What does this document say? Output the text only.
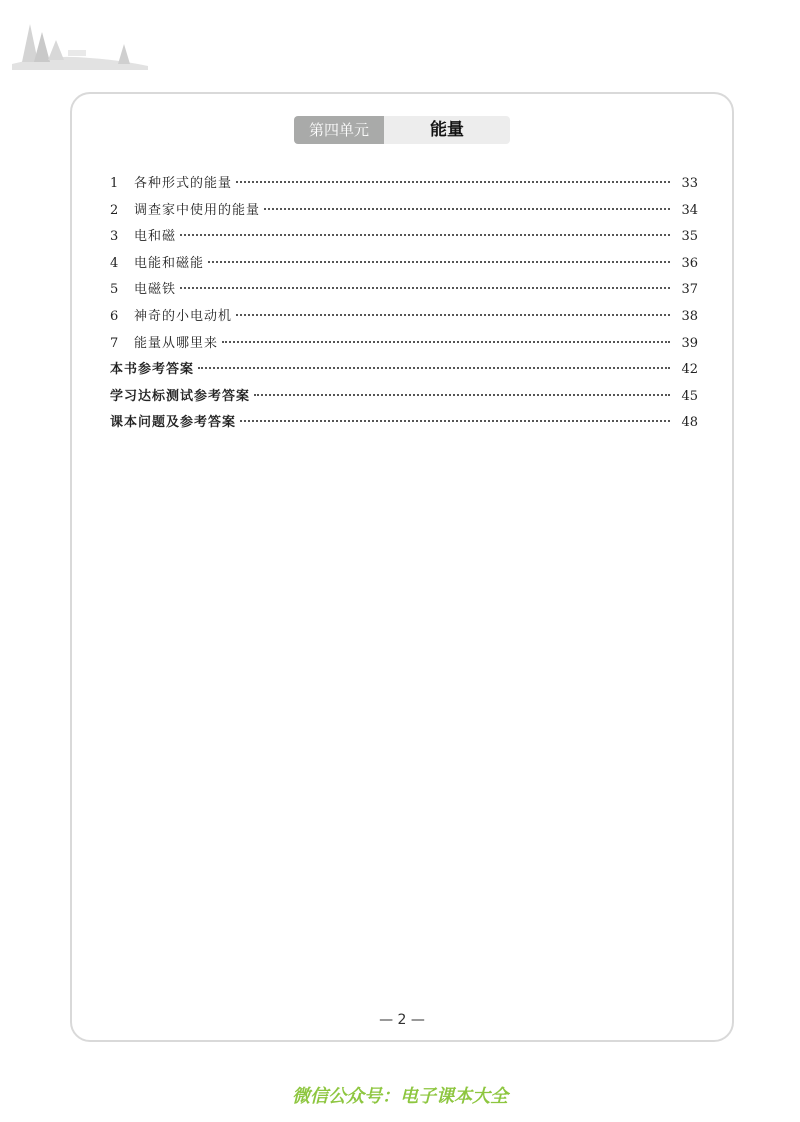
第四单元	能量
1	各种形式的能量	33
2	调查家中使用的能量	34
3	电和磁	35
4	电能和磁能	36
5	电磁铁	37
6	神奇的小电动机	38
7	能量从哪里来	39
本书参考答案	42
学习达标测试参考答案	45
课本问题及参考答案	48
— 2 —
微信公众号：电子课本大全
